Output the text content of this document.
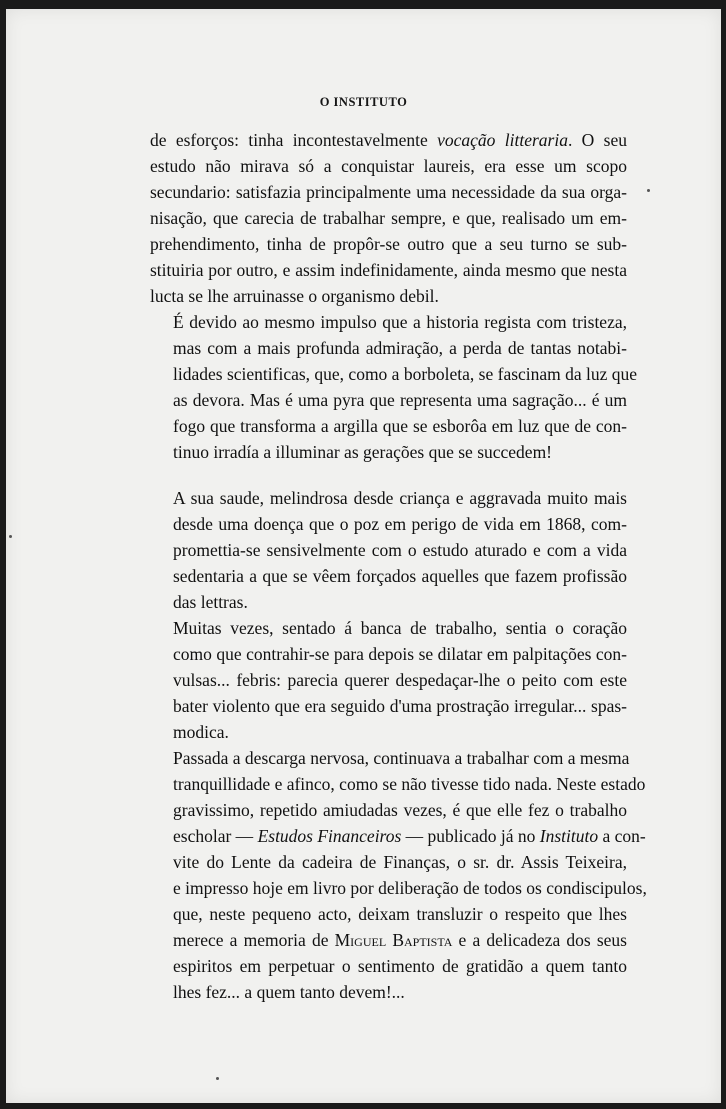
O INSTITUTO

de esforços: tinha incontestavelmente vocação litteraria. O seu
estudo não mirava só a conquistar laureis, era esse um scopo
secundario: satisfazia principalmente uma necessidade da sua orga-
nisação, que carecia de trabalhar sempre, e que, realisado um em-
prehendimento, tinha de propôr-se outro que a seu turno se sub-
stituiria por outro, e assim indefinidamente, ainda mesmo que nesta
lucta se lhe arruinasse o organismo debil.

É devido ao mesmo impulso que a historia regista com tristeza,
mas com a mais profunda admiração, a perda de tantas notabi-
lidades scientificas, que, como a borboleta, se fascinam da luz que
as devora. Mas é uma pyra que representa uma sagração... é um
fogo que transforma a argilla que se esborôa em luz que de con-
tinuo irradía a illuminar as gerações que se succedem!

A sua saude, melindrosa desde criança e aggravada muito mais
desde uma doença que o poz em perigo de vida em 1868, com-
promettia-se sensivelmente com o estudo aturado e com a vida
sedentaria a que se vêem forçados aquelles que fazem profissão
das lettras.

Muitas vezes, sentado á banca de trabalho, sentia o coração
como que contrahir-se para depois se dilatar em palpitações con-
vulsas... febris: parecia querer despedaçar-lhe o peito com este
bater violento que era seguido d'uma prostração irregular... spas-
modica.

Passada a descarga nervosa, continuava a trabalhar com a mesma
tranquillidade e afinco, como se não tivesse tido nada. Neste estado
gravissimo, repetido amiudadas vezes, é que elle fez o trabalho
escholar — Estudos Financeiros — publicado já no Instituto a con-
vite do Lente da cadeira de Finanças, o sr. dr. Assis Teixeira,
e impresso hoje em livro por deliberação de todos os condiscipulos,
que, neste pequeno acto, deixam transluzir o respeito que lhes
merece a memoria de Miguel Baptista e a delicadeza dos seus
espiritos em perpetuar o sentimento de gratidão a quem tanto
lhes fez... a quem tanto devem!...
